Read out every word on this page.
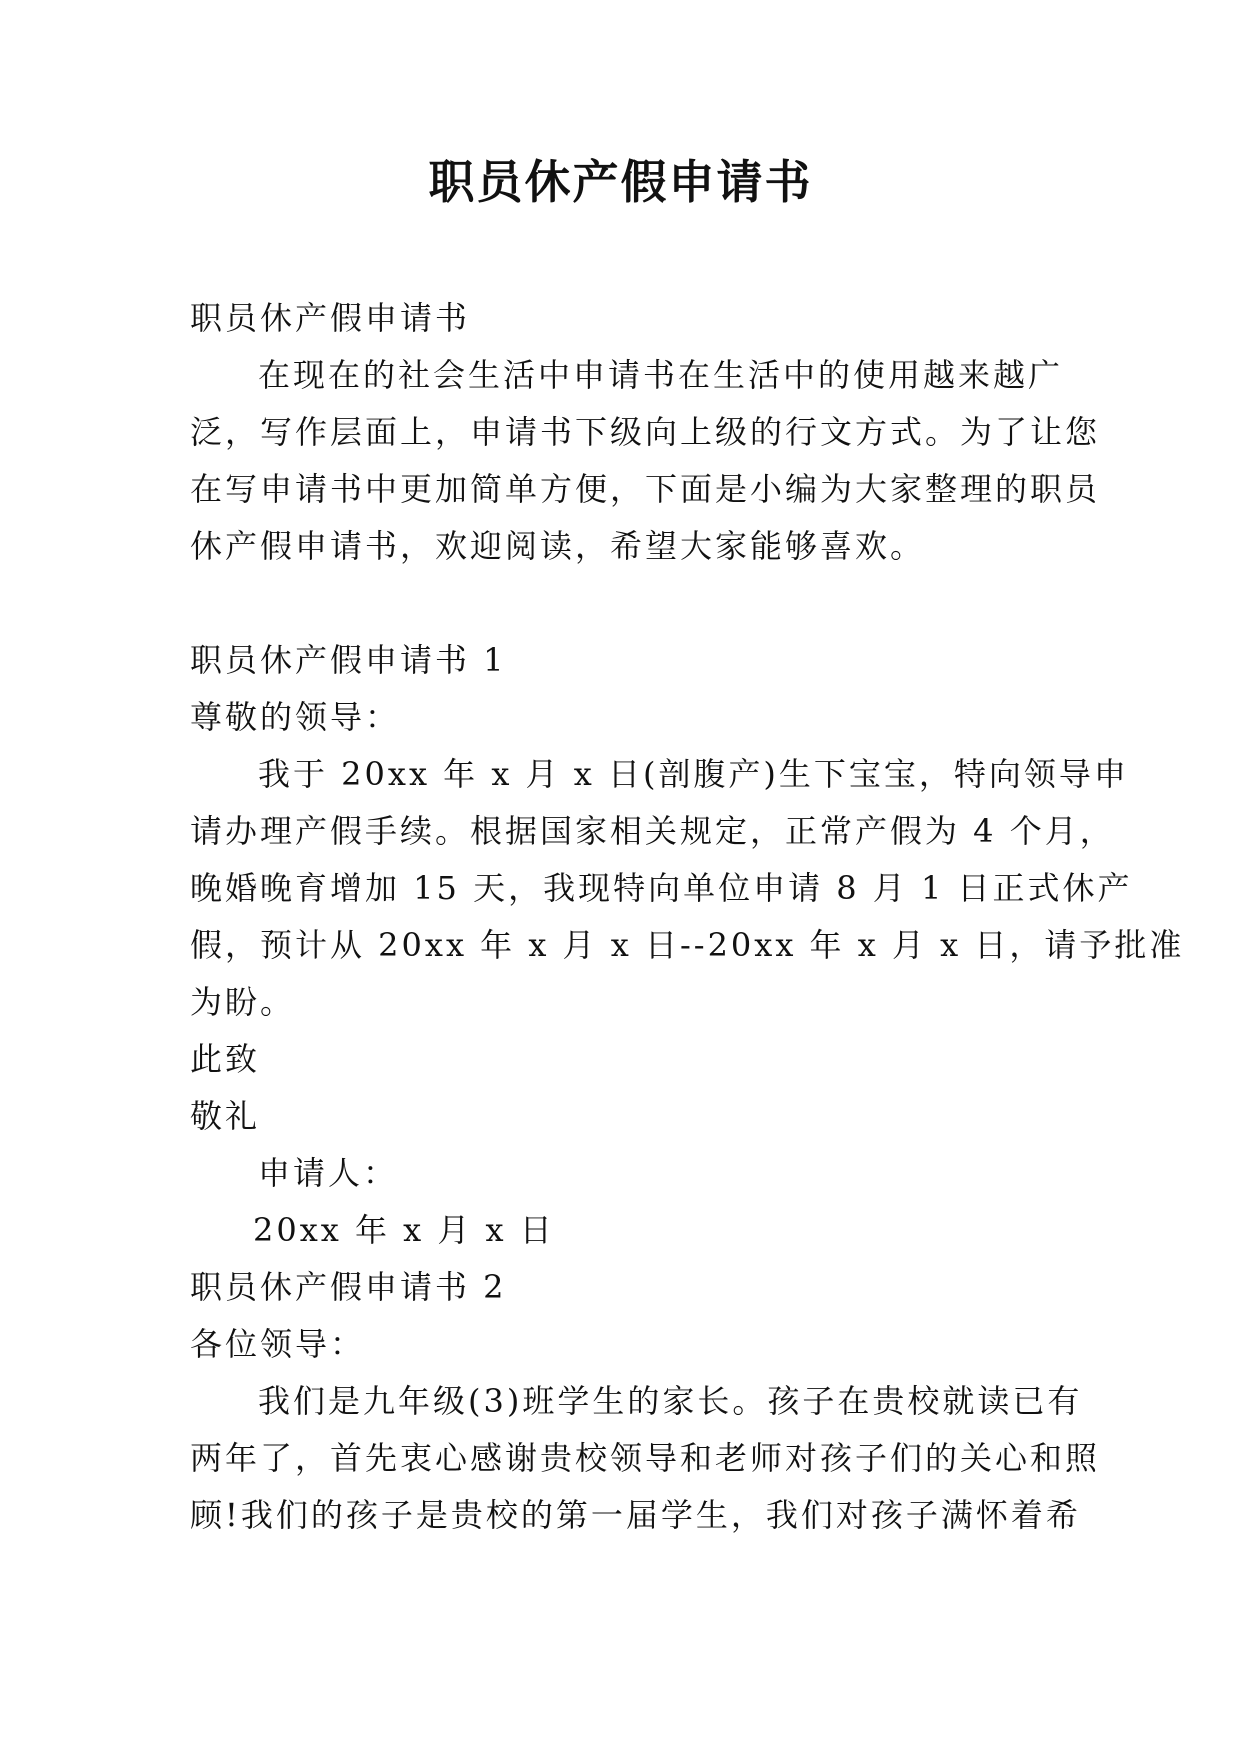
职员休产假申请书
职员休产假申请书
在现在的社会生活中申请书在生活中的使用越来越广
泛，写作层面上，申请书下级向上级的行文方式。为了让您
在写申请书中更加简单方便，下面是小编为大家整理的职员
休产假申请书，欢迎阅读，希望大家能够喜欢。
职员休产假申请书 1
尊敬的领导：
我于 20xx 年 x 月 x 日(剖腹产)生下宝宝，特向领导申
请办理产假手续。根据国家相关规定，正常产假为 4 个月，
晚婚晚育增加 15 天，我现特向单位申请 8 月 1 日正式休产
假，预计从 20xx 年 x 月 x 日--20xx 年 x 月 x 日，请予批准
为盼。
此致
敬礼
申请人：
20xx 年 x 月 x 日
职员休产假申请书 2
各位领导：
我们是九年级(3)班学生的家长。孩子在贵校就读已有
两年了，首先衷心感谢贵校领导和老师对孩子们的关心和照
顾!我们的孩子是贵校的第一届学生，我们对孩子满怀着希
